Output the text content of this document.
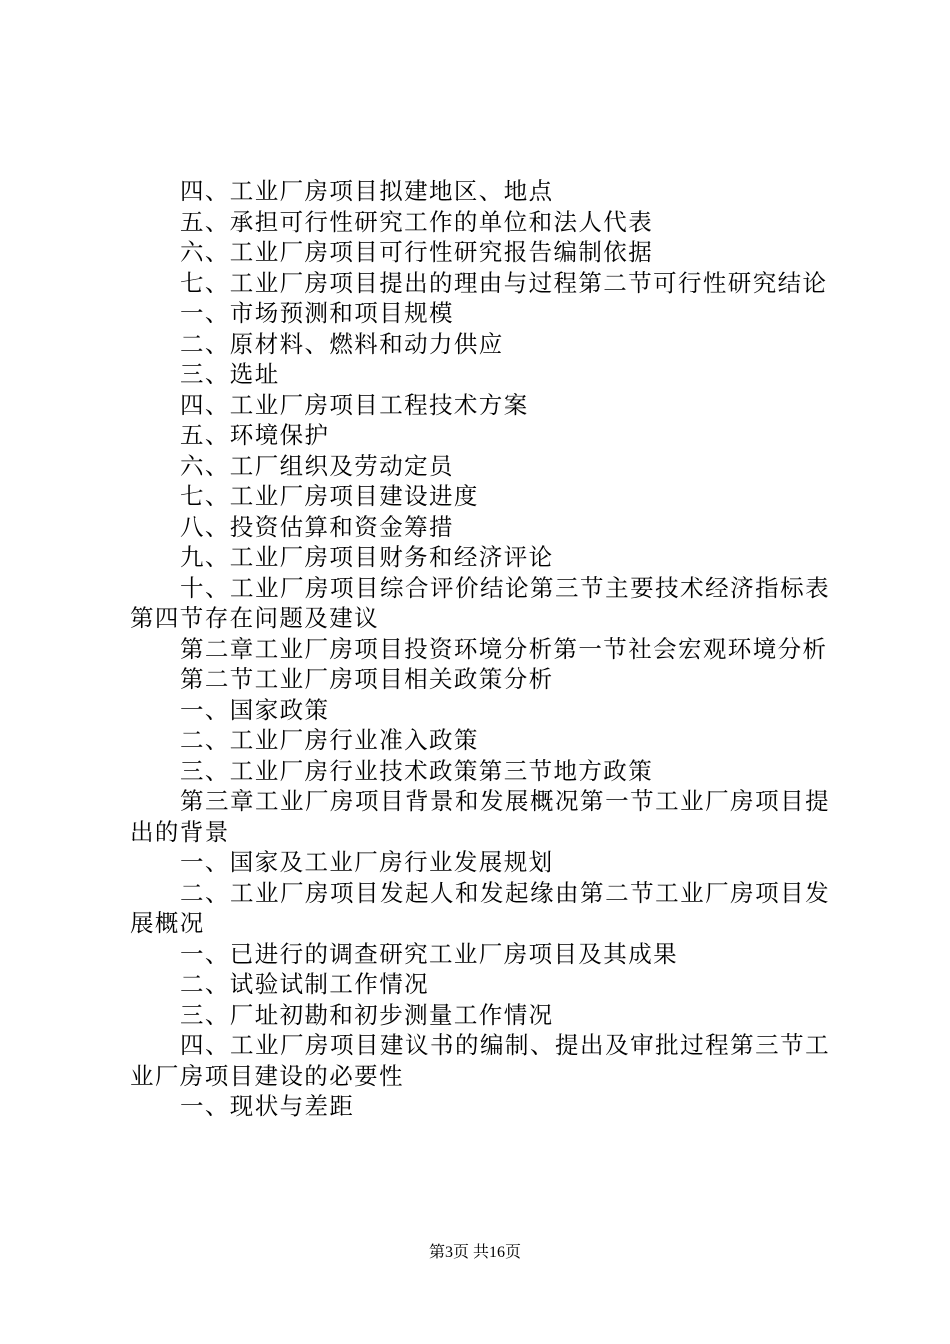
四、工业厂房项目拟建地区、地点

五、承担可行性研究工作的单位和法人代表

六、工业厂房项目可行性研究报告编制依据

七、工业厂房项目提出的理由与过程第二节可行性研究结论

一、市场预测和项目规模

二、原材料、燃料和动力供应

三、选址

四、工业厂房项目工程技术方案

五、环境保护

六、工厂组织及劳动定员

七、工业厂房项目建设进度

八、投资估算和资金筹措

九、工业厂房项目财务和经济评论

十、工业厂房项目综合评价结论第三节主要技术经济指标表第四节存在问题及建议

第二章工业厂房项目投资环境分析第一节社会宏观环境分析

第二节工业厂房项目相关政策分析

一、国家政策

二、工业厂房行业准入政策

三、工业厂房行业技术政策第三节地方政策

第三章工业厂房项目背景和发展概况第一节工业厂房项目提出的背景

一、国家及工业厂房行业发展规划

二、工业厂房项目发起人和发起缘由第二节工业厂房项目发展概况

一、已进行的调查研究工业厂房项目及其成果

二、试验试制工作情况

三、厂址初勘和初步测量工作情况

四、工业厂房项目建议书的编制、提出及审批过程第三节工业厂房项目建设的必要性

一、现状与差距

第3页 共16页
